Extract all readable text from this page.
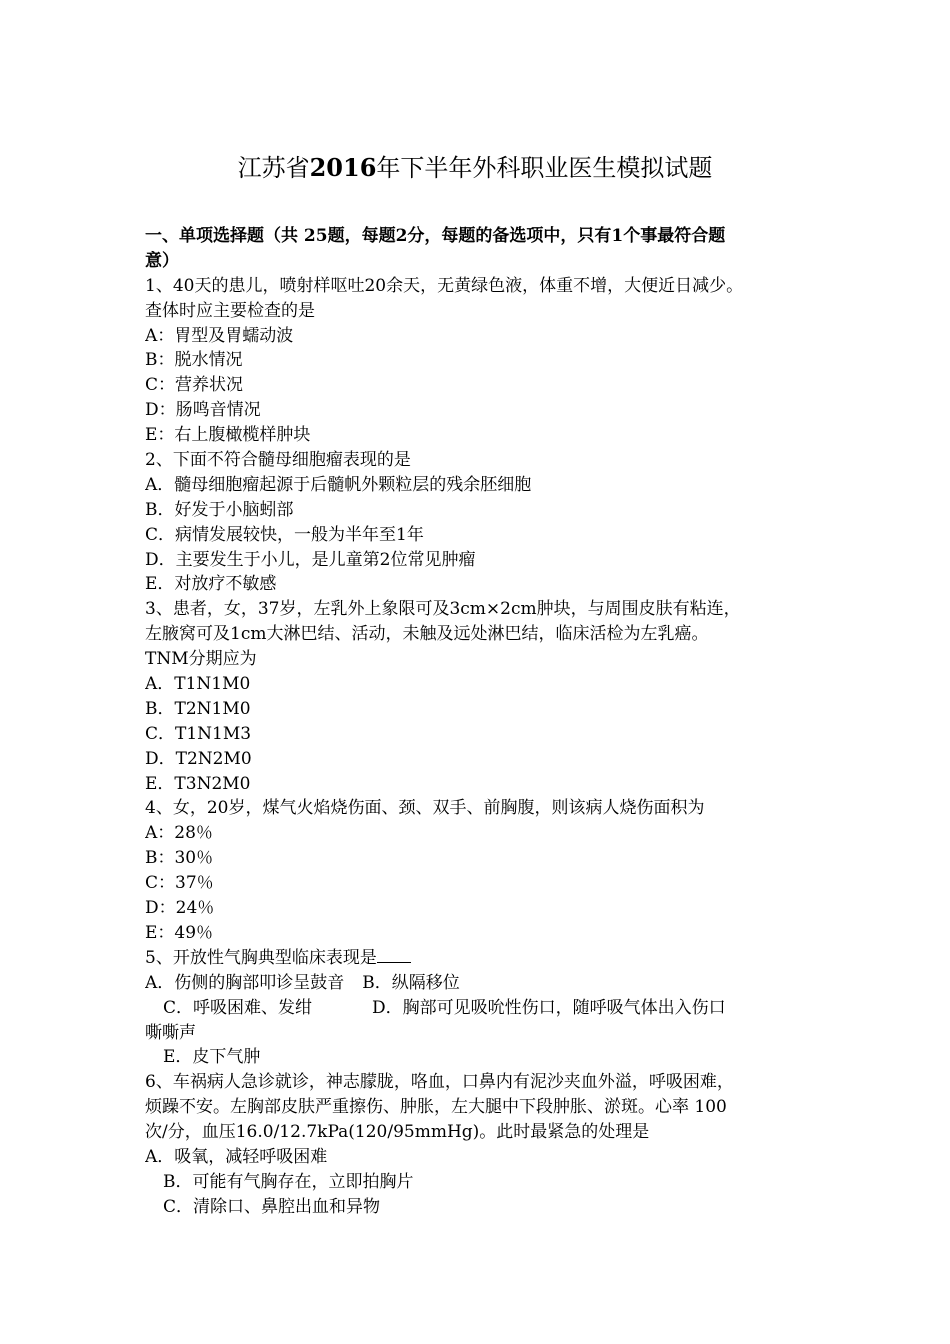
江苏省2016年下半年外科职业医生模拟试题
一、单项选择题（共 25题，每题2分，每题的备选项中，只有1个事最符合题
意）
1、40天的患儿，喷射样呕吐20余天，无黄绿色液，体重不增，大便近日减少。
查体时应主要检查的是
A：胃型及胃蠕动波
B：脱水情况
C：营养状况
D：肠鸣音情况
E：右上腹橄榄样肿块
2、下面不符合髓母细胞瘤表现的是
A．髓母细胞瘤起源于后髓帆外颗粒层的残余胚细胞
B．好发于小脑蚓部
C．病情发展较快，一般为半年至1年
D．主要发生于小儿，是儿童第2位常见肿瘤
E．对放疗不敏感
3、患者，女，37岁，左乳外上象限可及3cm×2cm肿块，与周围皮肤有粘连，
左腋窝可及1cm大淋巴结、活动，未触及远处淋巴结，临床活检为左乳癌。
TNM分期应为
A．T1N1M0
B．T2N1M0
C．T1N1M3
D．T2N2M0
E．T3N2M0
4、女，20岁，煤气火焰烧伤面、颈、双手、前胸腹，则该病人烧伤面积为
A：28％
B：30％
C：37％
D：24％
E：49％
5、开放性气胸典型临床表现是
A．伤侧的胸部叩诊呈鼓音 B．纵隔移位
C．呼吸困难、发绀	D．胸部可见吸吮性伤口，随呼吸气体出入伤口
嘶嘶声
E．皮下气肿
6、车祸病人急诊就诊，神志朦胧，咯血，口鼻内有泥沙夹血外溢，呼吸困难，
烦躁不安。左胸部皮肤严重擦伤、肿胀，左大腿中下段肿胀、淤斑。心率 100
次/分，血压16.0/12.7kPa(120/95mmHg)。此时最紧急的处理是
A．吸氧，减轻呼吸困难
B．可能有气胸存在，立即拍胸片
C．清除口、鼻腔出血和异物
